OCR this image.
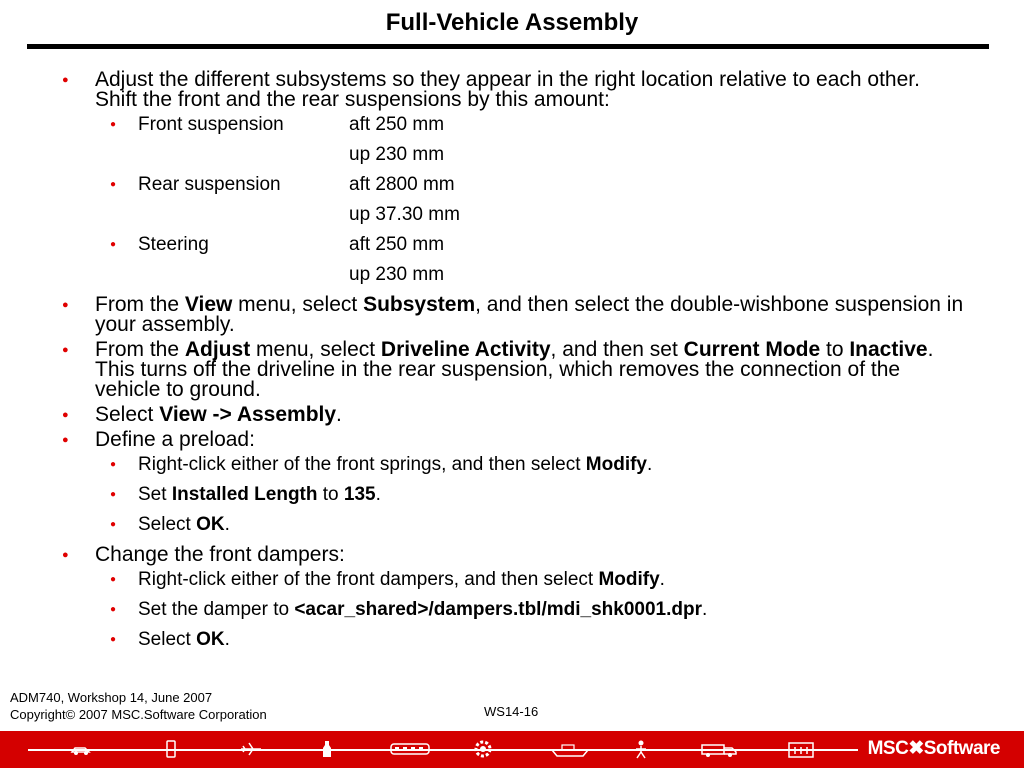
Full-Vehicle Assembly
● Adjust the different subsystems so they appear in the right location relative to each other. Shift the front and the rear suspensions by this amount:
● Front suspension	aft 250 mm
up 230 mm
● Rear suspension	aft 2800 mm
up 37.30 mm
● Steering	aft 250 mm
up 230 mm
● From the View menu, select Subsystem, and then select the double-wishbone suspension in your assembly.
● From the Adjust menu, select Driveline Activity, and then set Current Mode to Inactive. This turns off the driveline in the rear suspension, which removes the connection of the vehicle to ground.
● Select View -> Assembly.
● Define a preload:
● Right-click either of the front springs, and then select Modify.
● Set Installed Length to 135.
● Select OK.
● Change the front dampers:
● Right-click either of the front dampers, and then select Modify.
● Set the damper to <acar_shared>/dampers.tbl/mdi_shk0001.dpr.
● Select OK.
ADM740, Workshop 14, June 2007
Copyright© 2007 MSC.Software Corporation	WS14-16
MSC✖Software
